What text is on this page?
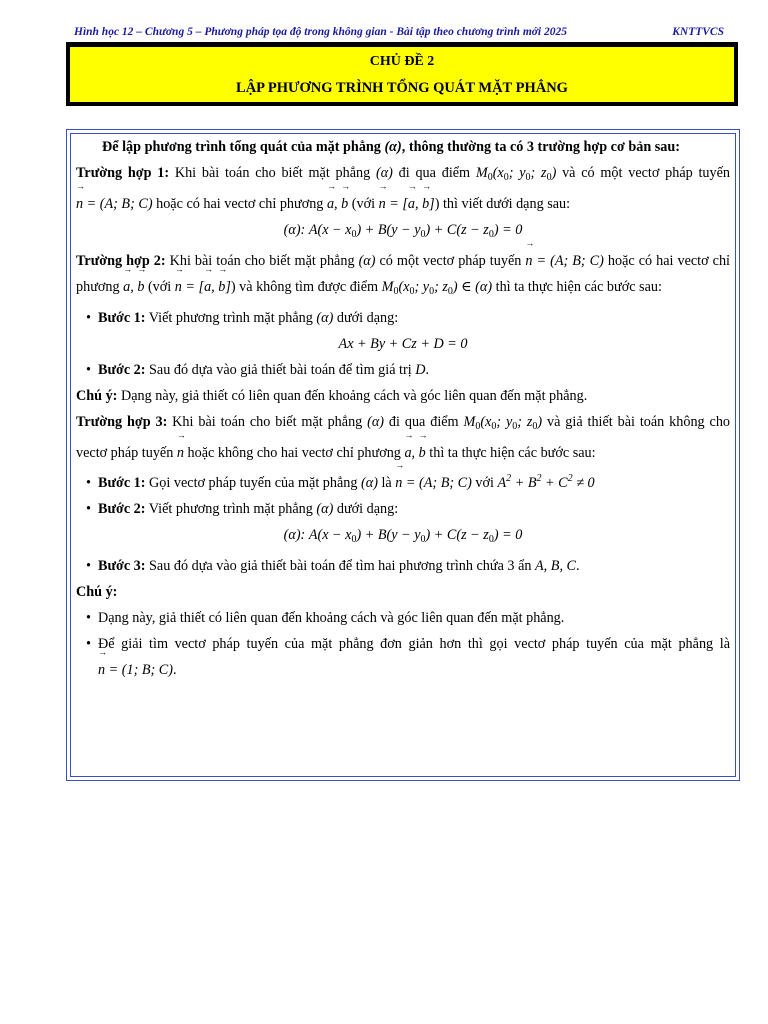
Hình học 12 – Chương 5 – Phương pháp tọa độ trong không gian - Bài tập theo chương trình mới 2025	KNTTVCS
CHỦ ĐỀ 2
LẬP PHƯƠNG TRÌNH TỔNG QUÁT MẶT PHẲNG

Để lập phương trình tổng quát của mặt phẳng (α), thông thường ta có 3 trường hợp cơ bản sau:

Trường hợp 1: Khi bài toán cho biết mặt phẳng (α) đi qua điểm $M_0(x_0$; $y_0$; $z_0$) và có một vectơ pháp tuyến n → = (A; B; C) hoặc có hai vectơ chỉ phương a →, b → (với n → = [a →, b →]) thì viết dưới dạng sau:

(α): $A(x - x_0) + B(y - y_0) + C(z - z_0) = 0$

Trường hợp 2: Khi bài toán cho biết mặt phẳng (α) có một vectơ pháp tuyến n → = (A; B; C) hoặc có hai vectơ chỉ phương a →, b → (với n → = [a →, b →]) và không tìm được điểm $M_0(x_0$; $y_0$; $z_0$) ∈ (α) thì ta thực hiện các bước sau:

• Bước 1: Viết phương trình mặt phẳng (α) dưới dạng:

Ax + By + Cz + D = 0

• Bước 2: Sau đó dựa vào giả thiết bài toán để tìm giá trị D.

Chú ý: Dạng này, giả thiết có liên quan đến khoảng cách và góc liên quan đến mặt phẳng.

Trường hợp 3: Khi bài toán cho biết mặt phẳng (α) đi qua điểm $M_0(x_0$; $y_0$; $z_0$) và giả thiết bài toán không cho vectơ pháp tuyến n → hoặc không cho hai vectơ chỉ phương a →, b → thì ta thực hiện các bước sau:

• Bước 1: Gọi vectơ pháp tuyến của mặt phẳng (α) là n → = (A; B; C) với $A^2 + B^2 + C^2 \ne 0$

• Bước 2: Viết phương trình mặt phẳng (α) dưới dạng:

(α): $A(x - x_0) + B(y - y_0) + C(z - z_0) = 0$

• Bước 3: Sau đó dựa vào giả thiết bài toán để tìm hai phương trình chứa 3 ẩn A, B, C.

Chú ý:

• Dạng này, giả thiết có liên quan đến khoảng cách và góc liên quan đến mặt phẳng.

• Để giải tìm vectơ pháp tuyến của mặt phẳng đơn giản hơn thì gọi vectơ pháp tuyến của mặt phẳng là n → = (1; B; C).
